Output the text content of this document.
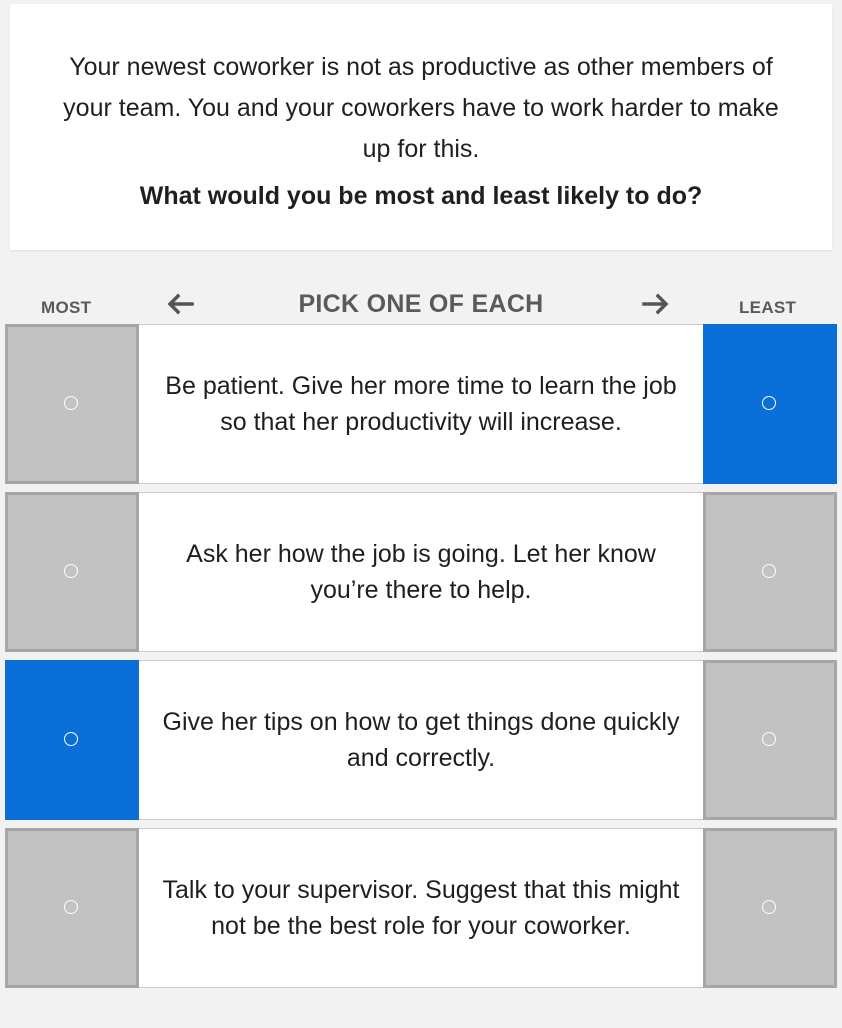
Your newest coworker is not as productive as other members of your team. You and your coworkers have to work harder to make up for this.
What would you be most and least likely to do?
MOST	PICK ONE OF EACH	LEAST
Be patient. Give her more time to learn the job so that her productivity will increase.
Ask her how the job is going. Let her know you’re there to help.
Give her tips on how to get things done quickly and correctly.
Talk to your supervisor. Suggest that this might not be the best role for your coworker.
